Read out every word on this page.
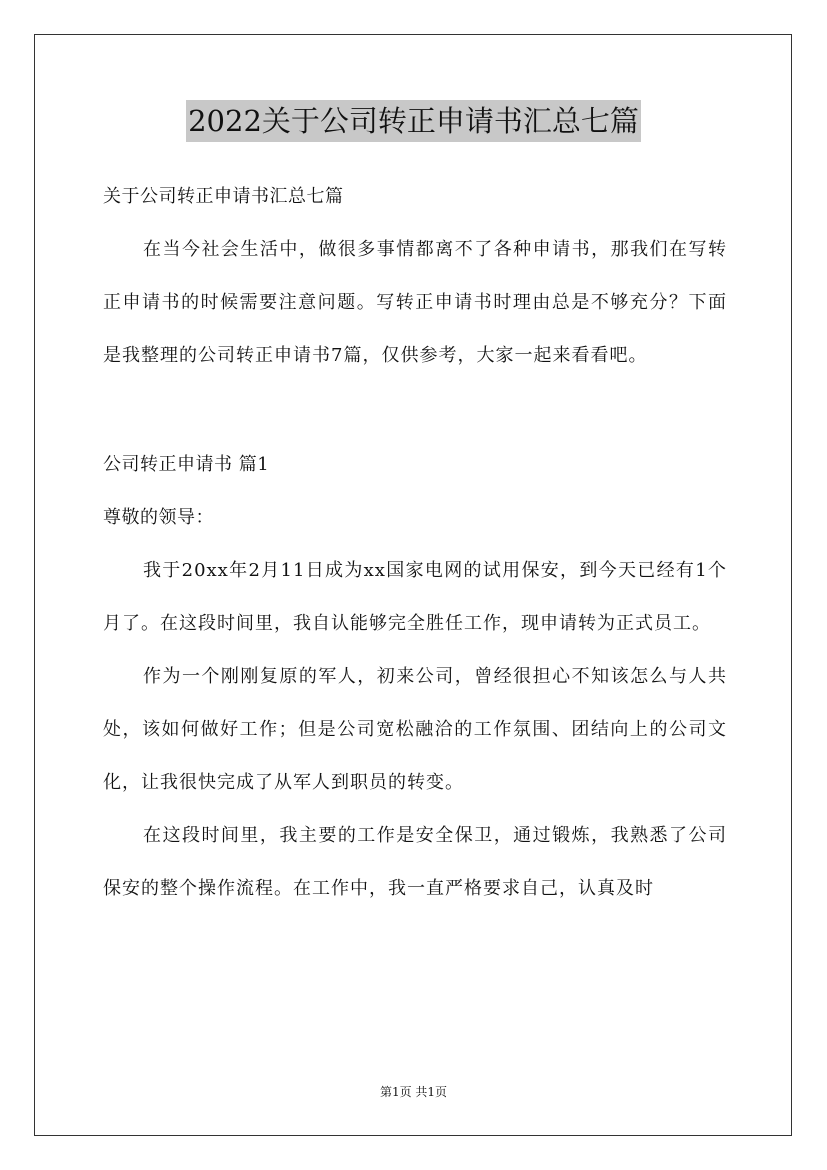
2022关于公司转正申请书汇总七篇

关于公司转正申请书汇总七篇

在当今社会生活中，做很多事情都离不了各种申请书，那我们在写转正申请书的时候需要注意问题。写转正申请书时理由总是不够充分？下面是我整理的公司转正申请书7篇，仅供参考，大家一起来看看吧。

公司转正申请书 篇1

尊敬的领导：

我于20xx年2月11日成为xx国家电网的试用保安，到今天已经有1个月了。在这段时间里，我自认能够完全胜任工作，现申请转为正式员工。

作为一个刚刚复原的军人，初来公司，曾经很担心不知该怎么与人共处，该如何做好工作；但是公司宽松融洽的工作氛围、团结向上的公司文化，让我很快完成了从军人到职员的转变。

在这段时间里，我主要的工作是安全保卫，通过锻炼，我熟悉了公司保安的整个操作流程。在工作中，我一直严格要求自己，认真及时

第1页 共1页
